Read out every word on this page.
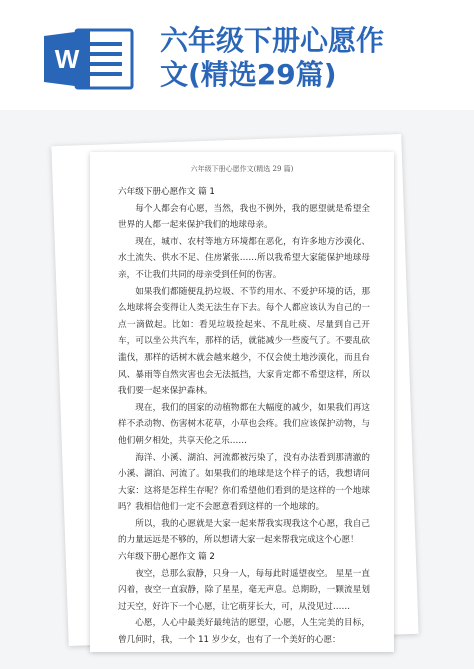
W
六年级下册心愿作
文(精选29篇)
六年级下册心愿作文(精选 29 篇)

六年级下册心愿作文 篇 1

每个人都会有心愿，当然，我也不例外，我的愿望就是希望全世界的人都一起来保护我们的地球母亲。

现在，城市、农村等地方环境都在恶化，有许多地方沙漠化、水土流失、供水不足、住房紧张……所以我希望大家能保护地球母亲，不让我们共同的母亲受到任何的伤害。

如果我们都随便乱扔垃圾、不节约用水、不爱护环境的话，那么地球将会变得让人类无法生存下去。每个人都应该认为自己的一点一滴做起。比如：看见垃圾捡起来、不乱吐痰、尽量到自己开车，可以坐公共汽车，那样的话，就能减少一些废气了。不要乱砍滥伐，那样的话树木就会越来越少，不仅会使土地沙漠化，而且台风、暴雨等自然灾害也会无法抵挡，大家肯定都不希望这样，所以我们要一起来保护森林。

现在，我们的国家的动植物都在大幅度的减少，如果我们再这样不杀动物、伤害树木花草，小草也会疼。我们应该保护动物，与他们朝夕相处，共享天伦之乐……

海洋、小溪、湖泊、河流都被污染了，没有办法看到那清澈的小溪、湖泊、河流了。如果我们的地球是这个样子的话，我想请问大家：这将是怎样生存呢？你们希望他们看到的是这样的一个地球吗？我相信他们一定不会愿意看到这样的一个地球的。

所以，我的心愿就是大家一起来帮我实现我这个心愿，我自己的力量远远是不够的，所以想请大家一起来帮我完成这个心愿！

六年级下册心愿作文 篇 2

夜空，总那么寂静，只身一人，每每此时遥望夜空。 星星一直闪着，夜空一直寂静，除了星星，毫无声息。总期盼，一颗流星划过天空，好许下一个心愿，让它萌芽长大，可，从没见过……

心愿，人心中最美好最纯洁的愿望，心愿，人生完美的目标，曾几何时，我，一个 11 岁少女，也有了一个美好的心愿：
